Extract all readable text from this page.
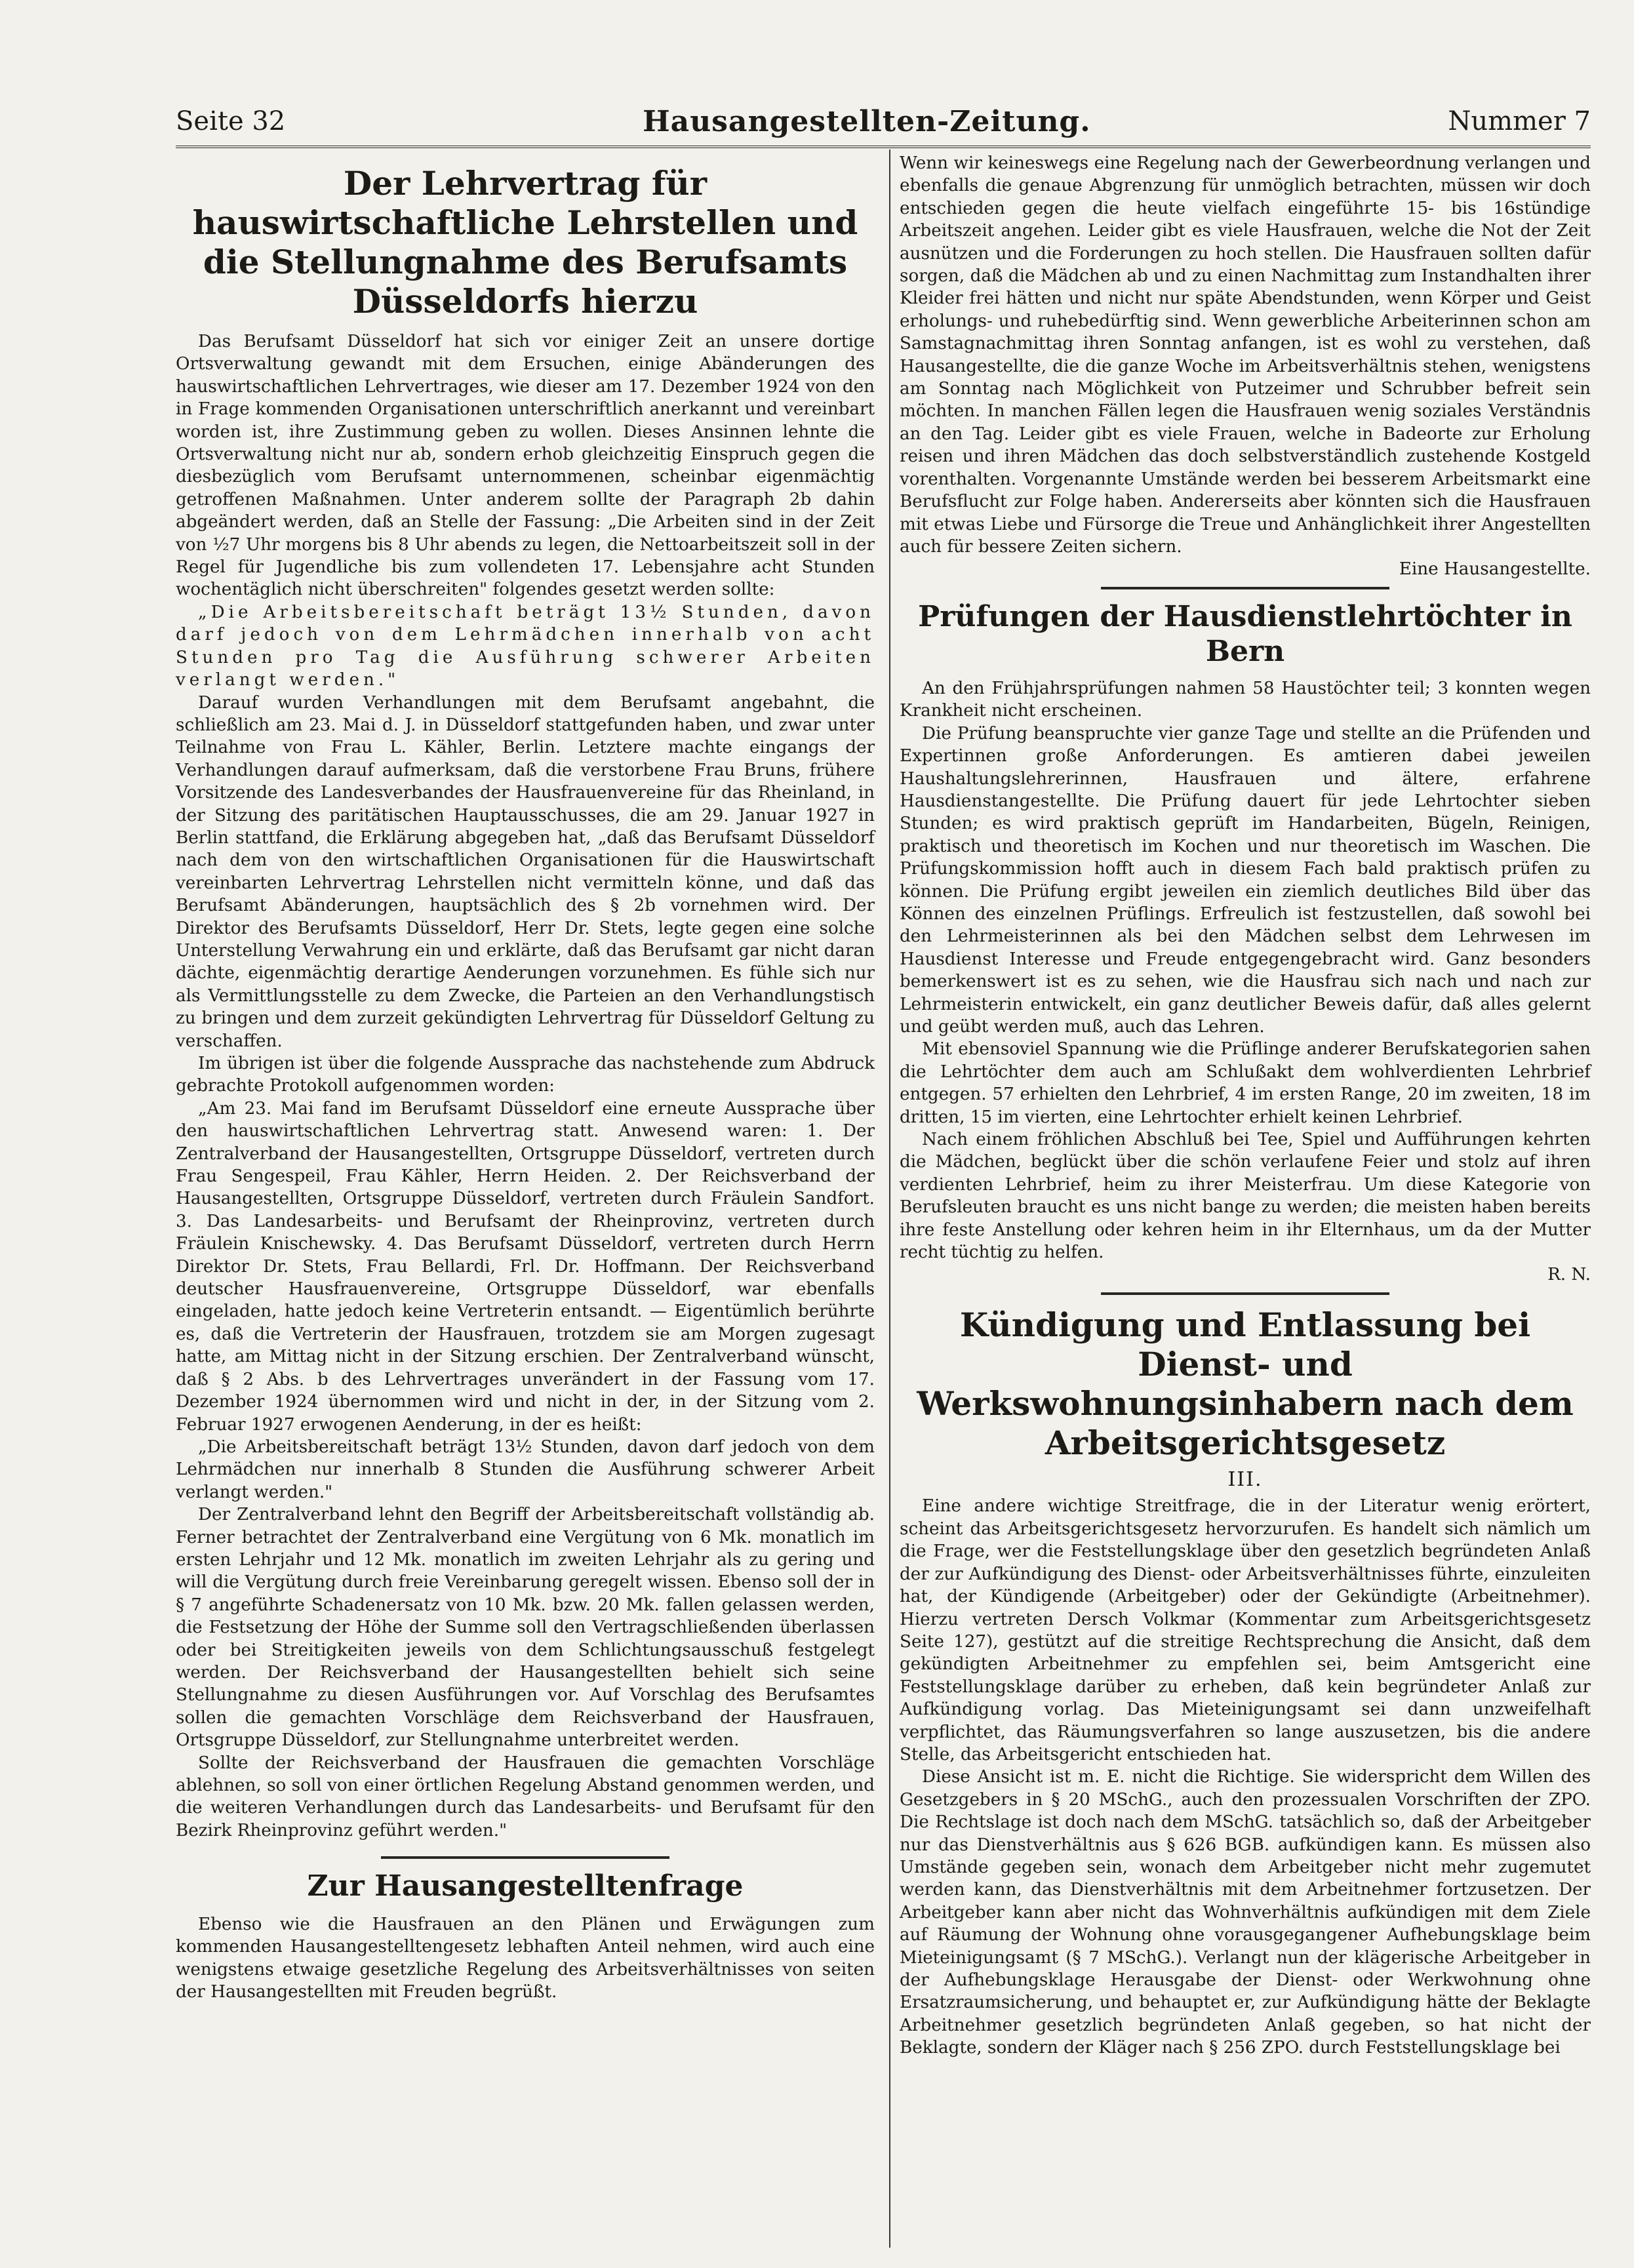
Seite 32	Hausangestellten-Zeitung.	Nummer 7
Der Lehrvertrag für hauswirtschaftliche Lehrstellen und die Stellungnahme des Berufsamts Düsseldorfs hierzu

Das Berufsamt Düsseldorf hat sich vor einiger Zeit an unsere dortige Ortsverwaltung gewandt mit dem Ersuchen, einige Abänderungen des hauswirtschaftlichen Lehrvertrages, wie dieser am 17. Dezember 1924 von den in Frage kommenden Organisationen unterschriftlich anerkannt und vereinbart worden ist, ihre Zustimmung geben zu wollen. Dieses Ansinnen lehnte die Ortsverwaltung nicht nur ab, sondern erhob gleichzeitig Einspruch gegen die diesbezüglich vom Berufsamt unternommenen, scheinbar eigenmächtig getroffenen Maßnahmen. Unter anderem sollte der Paragraph 2b dahin abgeändert werden, daß an Stelle der Fassung: „Die Arbeiten sind in der Zeit von ½7 Uhr morgens bis 8 Uhr abends zu legen, die Nettoarbeitszeit soll in der Regel für Jugendliche bis zum vollendeten 17. Lebensjahre acht Stunden wochentäglich nicht überschreiten" folgendes gesetzt werden sollte:

„Die Arbeitsbereitschaft beträgt 13½ Stunden, davon darf jedoch von dem Lehrmädchen innerhalb von acht Stunden pro Tag die Ausführung schwerer Arbeiten verlangt werden."

Darauf wurden Verhandlungen mit dem Berufsamt angebahnt, die schließlich am 23. Mai d. J. in Düsseldorf stattgefunden haben, und zwar unter Teilnahme von Frau L. Kähler, Berlin. Letztere machte eingangs der Verhandlungen darauf aufmerksam, daß die verstorbene Frau Bruns, frühere Vorsitzende des Landesverbandes der Hausfrauenvereine für das Rheinland, in der Sitzung des paritätischen Hauptausschusses, die am 29. Januar 1927 in Berlin stattfand, die Erklärung abgegeben hat, „daß das Berufsamt Düsseldorf nach dem von den wirtschaftlichen Organisationen für die Hauswirtschaft vereinbarten Lehrvertrag Lehrstellen nicht vermitteln könne, und daß das Berufsamt Abänderungen, hauptsächlich des § 2b vornehmen wird. Der Direktor des Berufsamts Düsseldorf, Herr Dr. Stets, legte gegen eine solche Unterstellung Verwahrung ein und erklärte, daß das Berufsamt gar nicht daran dächte, eigenmächtig derartige Aenderungen vorzunehmen. Es fühle sich nur als Vermittlungsstelle zu dem Zwecke, die Parteien an den Verhandlungstisch zu bringen und dem zurzeit gekündigten Lehrvertrag für Düsseldorf Geltung zu verschaffen.

Im übrigen ist über die folgende Aussprache das nachstehende zum Abdruck gebrachte Protokoll aufgenommen worden:

„Am 23. Mai fand im Berufsamt Düsseldorf eine erneute Aussprache über den hauswirtschaftlichen Lehrvertrag statt. Anwesend waren: 1. Der Zentralverband der Hausangestellten, Ortsgruppe Düsseldorf, vertreten durch Frau Sengespeil, Frau Kähler, Herrn Heiden. 2. Der Reichsverband der Hausangestellten, Ortsgruppe Düsseldorf, vertreten durch Fräulein Sandfort. 3. Das Landesarbeits- und Berufsamt der Rheinprovinz, vertreten durch Fräulein Knischewsky. 4. Das Berufsamt Düsseldorf, vertreten durch Herrn Direktor Dr. Stets, Frau Bellardi, Frl. Dr. Hoffmann. Der Reichsverband deutscher Hausfrauenvereine, Ortsgruppe Düsseldorf, war ebenfalls eingeladen, hatte jedoch keine Vertreterin entsandt. — Eigentümlich berührte es, daß die Vertreterin der Hausfrauen, trotzdem sie am Morgen zugesagt hatte, am Mittag nicht in der Sitzung erschien. Der Zentralverband wünscht, daß § 2 Abs. b des Lehrvertrages unverändert in der Fassung vom 17. Dezember 1924 übernommen wird und nicht in der, in der Sitzung vom 2. Februar 1927 erwogenen Aenderung, in der es heißt:

„Die Arbeitsbereitschaft beträgt 13½ Stunden, davon darf jedoch von dem Lehrmädchen nur innerhalb 8 Stunden die Ausführung schwerer Arbeit verlangt werden."

Der Zentralverband lehnt den Begriff der Arbeitsbereitschaft vollständig ab. Ferner betrachtet der Zentralverband eine Vergütung von 6 Mk. monatlich im ersten Lehrjahr und 12 Mk. monatlich im zweiten Lehrjahr als zu gering und will die Vergütung durch freie Vereinbarung geregelt wissen. Ebenso soll der in § 7 angeführte Schadenersatz von 10 Mk. bzw. 20 Mk. fallen gelassen werden, die Festsetzung der Höhe der Summe soll den Vertragschließenden überlassen oder bei Streitigkeiten jeweils von dem Schlichtungsausschuß festgelegt werden. Der Reichsverband der Hausangestellten behielt sich seine Stellungnahme zu diesen Ausführungen vor. Auf Vorschlag des Berufsamtes sollen die gemachten Vorschläge dem Reichsverband der Hausfrauen, Ortsgruppe Düsseldorf, zur Stellungnahme unterbreitet werden.

Sollte der Reichsverband der Hausfrauen die gemachten Vorschläge ablehnen, so soll von einer örtlichen Regelung Abstand genommen werden, und die weiteren Verhandlungen durch das Landesarbeits- und Berufsamt für den Bezirk Rheinprovinz geführt werden."

Zur Hausangestelltenfrage

Ebenso wie die Hausfrauen an den Plänen und Erwägungen zum kommenden Hausangestelltengesetz lebhaften Anteil nehmen, wird auch eine wenigstens etwaige gesetzliche Regelung des Arbeitsverhältnisses von seiten der Hausangestellten mit Freuden begrüßt.

Wenn wir keineswegs eine Regelung nach der Gewerbeordnung verlangen und ebenfalls die genaue Abgrenzung für unmöglich betrachten, müssen wir doch entschieden gegen die heute vielfach eingeführte 15- bis 16stündige Arbeitszeit angehen. Leider gibt es viele Hausfrauen, welche die Not der Zeit ausnützen und die Forderungen zu hoch stellen. Die Hausfrauen sollten dafür sorgen, daß die Mädchen ab und zu einen Nachmittag zum Instandhalten ihrer Kleider frei hätten und nicht nur späte Abendstunden, wenn Körper und Geist erholungs- und ruhebedürftig sind. Wenn gewerbliche Arbeiterinnen schon am Samstagnachmittag ihren Sonntag anfangen, ist es wohl zu verstehen, daß Hausangestellte, die die ganze Woche im Arbeitsverhältnis stehen, wenigstens am Sonntag nach Möglichkeit von Putzeimer und Schrubber befreit sein möchten. In manchen Fällen legen die Hausfrauen wenig soziales Verständnis an den Tag. Leider gibt es viele Frauen, welche in Badeorte zur Erholung reisen und ihren Mädchen das doch selbstverständlich zustehende Kostgeld vorenthalten. Vorgenannte Umstände werden bei besserem Arbeitsmarkt eine Berufsflucht zur Folge haben. Andererseits aber könnten sich die Hausfrauen mit etwas Liebe und Fürsorge die Treue und Anhänglichkeit ihrer Angestellten auch für bessere Zeiten sichern.

Eine Hausangestellte.
Prüfungen der Hausdienstlehrtöchter in Bern

An den Frühjahrsprüfungen nahmen 58 Haustöchter teil; 3 konnten wegen Krankheit nicht erscheinen.

Die Prüfung beanspruchte vier ganze Tage und stellte an die Prüfenden und Expertinnen große Anforderungen. Es amtieren dabei jeweilen Haushaltungslehrerinnen, Hausfrauen und ältere, erfahrene Hausdienstangestellte. Die Prüfung dauert für jede Lehrtochter sieben Stunden; es wird praktisch geprüft im Handarbeiten, Bügeln, Reinigen, praktisch und theoretisch im Kochen und nur theoretisch im Waschen. Die Prüfungskommission hofft auch in diesem Fach bald praktisch prüfen zu können. Die Prüfung ergibt jeweilen ein ziemlich deutliches Bild über das Können des einzelnen Prüflings. Erfreulich ist festzustellen, daß sowohl bei den Lehrmeisterinnen als bei den Mädchen selbst dem Lehrwesen im Hausdienst Interesse und Freude entgegengebracht wird. Ganz besonders bemerkenswert ist es zu sehen, wie die Hausfrau sich nach und nach zur Lehrmeisterin entwickelt, ein ganz deutlicher Beweis dafür, daß alles gelernt und geübt werden muß, auch das Lehren.

Mit ebensoviel Spannung wie die Prüflinge anderer Berufskategorien sahen die Lehrtöchter dem auch am Schlußakt dem wohlverdienten Lehrbrief entgegen. 57 erhielten den Lehrbrief, 4 im ersten Range, 20 im zweiten, 18 im dritten, 15 im vierten, eine Lehrtochter erhielt keinen Lehrbrief.

Nach einem fröhlichen Abschluß bei Tee, Spiel und Aufführungen kehrten die Mädchen, beglückt über die schön verlaufene Feier und stolz auf ihren verdienten Lehrbrief, heim zu ihrer Meisterfrau. Um diese Kategorie von Berufsleuten braucht es uns nicht bange zu werden; die meisten haben bereits ihre feste Anstellung oder kehren heim in ihr Elternhaus, um da der Mutter recht tüchtig zu helfen.

R. N.
Kündigung und Entlassung bei Dienst- und Werkswohnungsinhabern nach dem Arbeitsgerichtsgesetz
III.

Eine andere wichtige Streitfrage, die in der Literatur wenig erörtert, scheint das Arbeitsgerichtsgesetz hervorzurufen. Es handelt sich nämlich um die Frage, wer die Feststellungsklage über den gesetzlich begründeten Anlaß der zur Aufkündigung des Dienst- oder Arbeitsverhältnisses führte, einzuleiten hat, der Kündigende (Arbeitgeber) oder der Gekündigte (Arbeitnehmer). Hierzu vertreten Dersch Volkmar (Kommentar zum Arbeitsgerichtsgesetz Seite 127), gestützt auf die streitige Rechtsprechung die Ansicht, daß dem gekündigten Arbeitnehmer zu empfehlen sei, beim Amtsgericht eine Feststellungsklage darüber zu erheben, daß kein begründeter Anlaß zur Aufkündigung vorlag. Das Mieteinigungsamt sei dann unzweifelhaft verpflichtet, das Räumungsverfahren so lange auszusetzen, bis die andere Stelle, das Arbeitsgericht entschieden hat.

Diese Ansicht ist m. E. nicht die Richtige. Sie widerspricht dem Willen des Gesetzgebers in § 20 MSchG., auch den prozessualen Vorschriften der ZPO. Die Rechtslage ist doch nach dem MSchG. tatsächlich so, daß der Arbeitgeber nur das Dienstverhältnis aus § 626 BGB. aufkündigen kann. Es müssen also Umstände gegeben sein, wonach dem Arbeitgeber nicht mehr zugemutet werden kann, das Dienstverhältnis mit dem Arbeitnehmer fortzusetzen. Der Arbeitgeber kann aber nicht das Wohnverhältnis aufkündigen mit dem Ziele auf Räumung der Wohnung ohne vorausgegangener Aufhebungsklage beim Mieteinigungsamt (§ 7 MSchG.). Verlangt nun der klägerische Arbeitgeber in der Aufhebungsklage Herausgabe der Dienst- oder Werkwohnung ohne Ersatzraumsicherung, und behauptet er, zur Aufkündigung hätte der Beklagte Arbeitnehmer gesetzlich begründeten Anlaß gegeben, so hat nicht der Beklagte, sondern der Kläger nach § 256 ZPO. durch Feststellungsklage bei
